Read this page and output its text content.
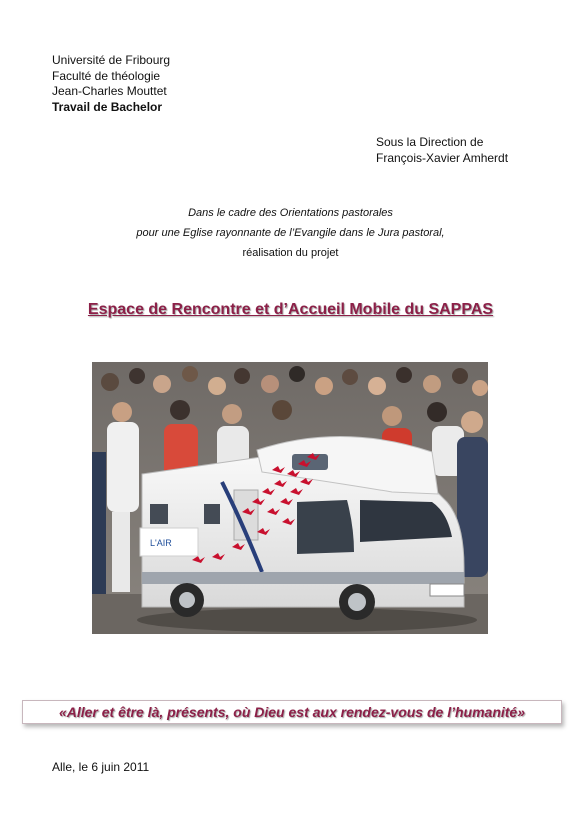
Université de Fribourg
Faculté de théologie
Jean-Charles Mouttet
Travail de Bachelor
Sous la Direction de
François-Xavier Amherdt
Dans le cadre des Orientations pastorales
pour une Eglise rayonnante de l’Evangile dans le Jura pastoral,
réalisation du projet
Espace de Rencontre et d’Accueil Mobile du SAPPAS
L'AIR
«Aller et être là, présents, où Dieu est aux rendez-vous de l’humanité»
Alle, le 6 juin 2011
